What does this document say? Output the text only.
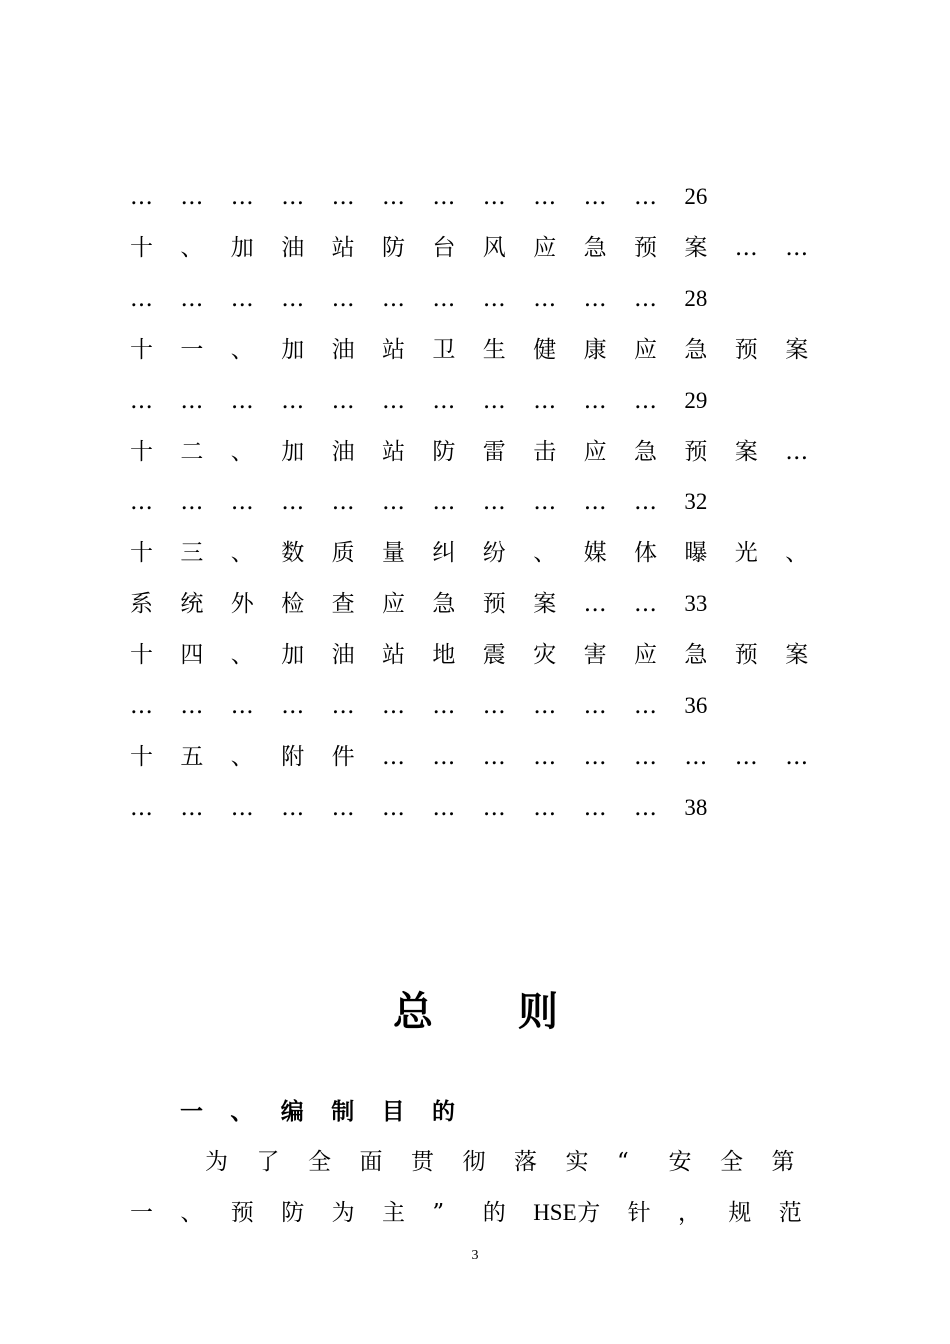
… … … … … … … … … … … 26
十 、 加 油 站 防 台 风 应 急 预 案 … …
… … … … … … … … … … … 28
十 一 、 加 油 站 卫 生 健 康 应 急 预 案
… … … … … … … … … … … 29
十 二 、 加 油 站 防 雷 击 应 急 预 案 …
… … … … … … … … … … … 32
十 三 、 数 质 量 纠 纷 、 媒 体 曝 光 、
系 统 外 检 查 应 急 预 案 … … 33
十 四 、 加 油 站 地 震 灾 害 应 急 预 案
… … … … … … … … … … … 36
十 五 、 附 件 … … … … … … … … …
… … … … … … … … … … … 38
总 则
一 、 编 制 目 的
为 了 全 面 贯 彻 落 实 “ 安 全 第
一 、 预 防 为 主 ” 的 HSE 方 针 ， 规 范
3
